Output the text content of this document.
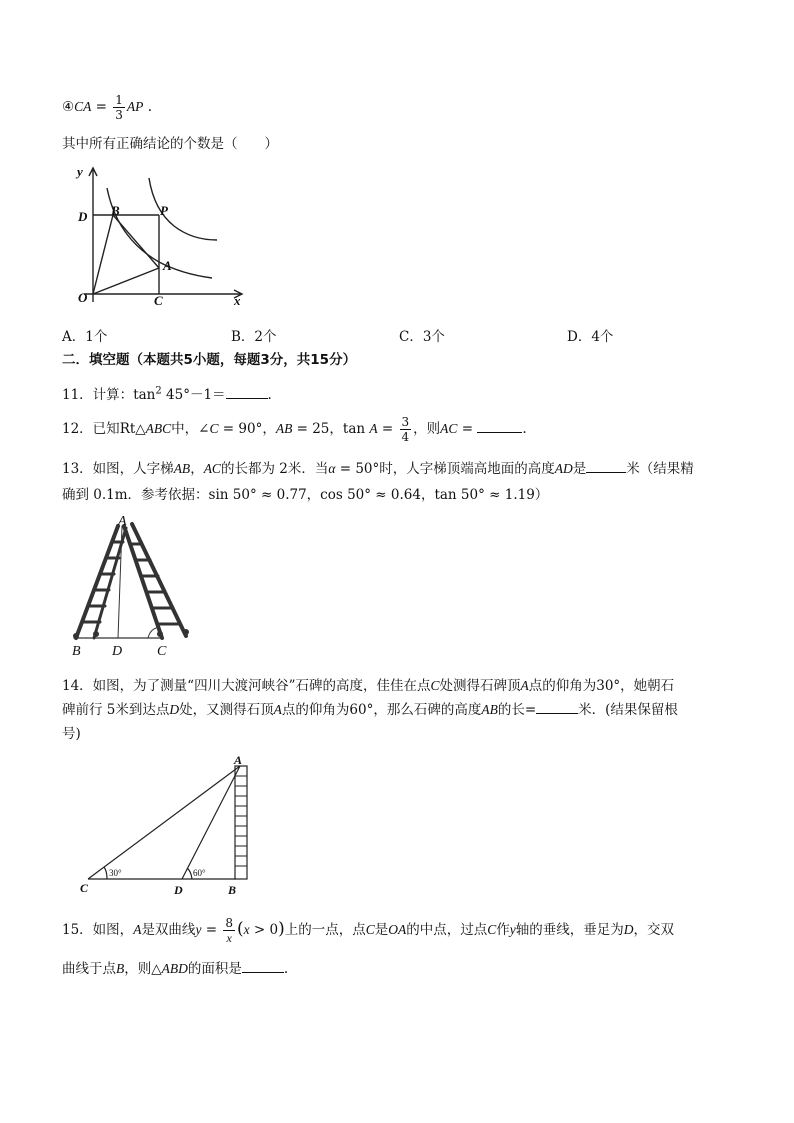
④CA = $\frac{1}{3}$ AP .
其中所有正确结论的个数是（　　）
y
D B	P
A
O	C	x
A．1个	B．2个	C．3个	D．4个
二．填空题（本题共5小题，每题3分，共15分）
11．计算：$\tan^2 45^\circ-1=$	.
12．已知Rt△ABC中，∠C = 90°，AB = 25，$\tan A = \frac{3}{4}$ ，则AC =	.
13．如图，人字梯AB，AC的长都为 2米．当α = 50°时，人字梯顶端高地面的高度AD是	米（结果精
确到 0.1m．参考依据：sin 50° ≈ 0.77，cos 50° ≈ 0.64，tan 50° ≈ 1.19）
A
B D C
14．如图，为了测量“四川大渡河峡谷”石碑的高度，佳佳在点C处测得石碑顶A点的仰角为30°，她朝石
碑前行 5米到达点D处，又测得石顶A点的仰角为60°，那么石碑的高度AB的长=	米．(结果保留根
号)
A
C	D	B
30°	60°
15．如图，A是双曲线$y = \frac{8}{x} (x > 0)$上的一点，点C是OA的中点，过点C作y轴的垂线，垂足为D，交双
曲线于点B，则△ABD的面积是	.
